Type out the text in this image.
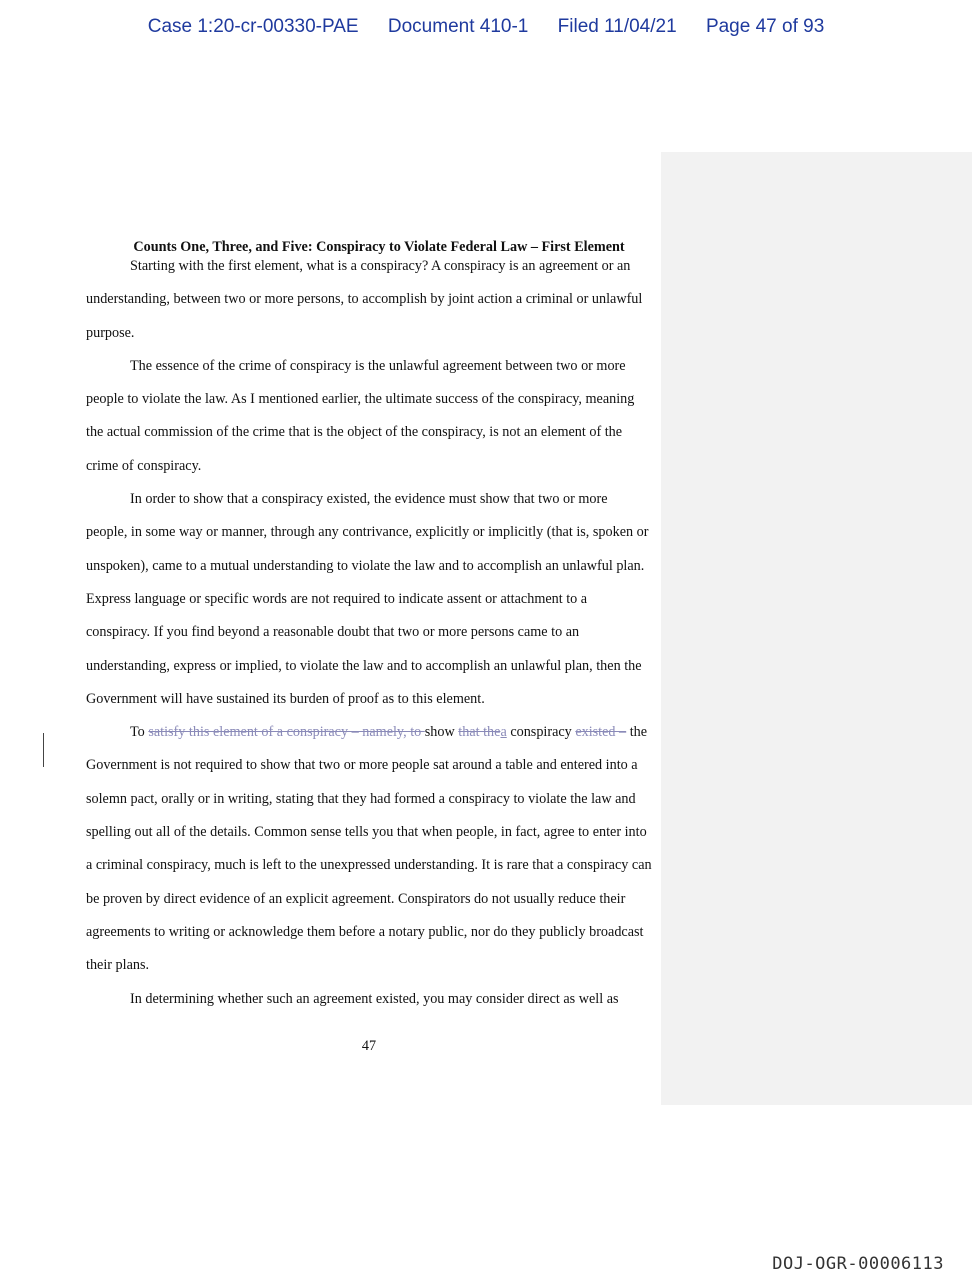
Case 1:20-cr-00330-PAE Document 410-1 Filed 11/04/21 Page 47 of 93

Counts One, Three, and Five: Conspiracy to Violate Federal Law – First Element

Starting with the first element, what is a conspiracy? A conspiracy is an agreement or an understanding, between two or more persons, to accomplish by joint action a criminal or unlawful purpose.

The essence of the crime of conspiracy is the unlawful agreement between two or more people to violate the law. As I mentioned earlier, the ultimate success of the conspiracy, meaning the actual commission of the crime that is the object of the conspiracy, is not an element of the crime of conspiracy.

In order to show that a conspiracy existed, the evidence must show that two or more people, in some way or manner, through any contrivance, explicitly or implicitly (that is, spoken or unspoken), came to a mutual understanding to violate the law and to accomplish an unlawful plan. Express language or specific words are not required to indicate assent or attachment to a conspiracy. If you find beyond a reasonable doubt that two or more persons came to an understanding, express or implied, to violate the law and to accomplish an unlawful plan, then the Government will have sustained its burden of proof as to this element.

To satisfy this element of a conspiracy – namely, to show that thea conspiracy existed – the Government is not required to show that two or more people sat around a table and entered into a solemn pact, orally or in writing, stating that they had formed a conspiracy to violate the law and spelling out all of the details. Common sense tells you that when people, in fact, agree to enter into a criminal conspiracy, much is left to the unexpressed understanding. It is rare that a conspiracy can be proven by direct evidence of an explicit agreement. Conspirators do not usually reduce their agreements to writing or acknowledge them before a notary public, nor do they publicly broadcast their plans.

In determining whether such an agreement existed, you may consider direct as well as

47
DOJ-OGR-00006113
